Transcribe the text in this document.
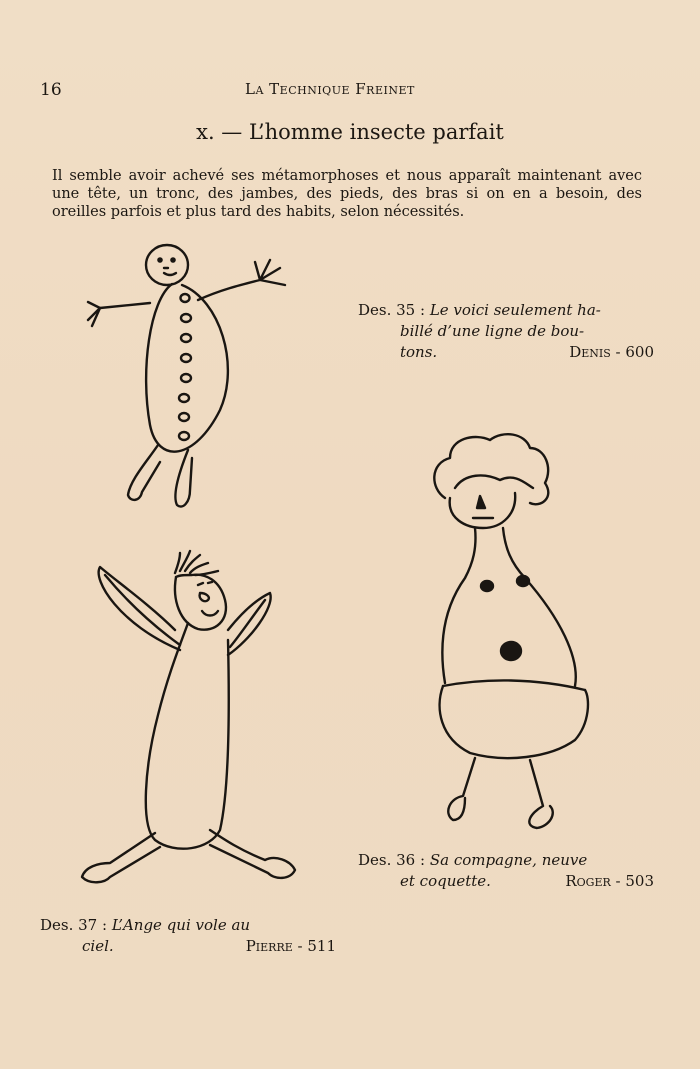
16	La Technique Freinet
x. — L’homme insecte parfait
Il semble avoir achevé ses métamorphoses et nous apparaît maintenant avec une tête, un tronc, des jambes, des pieds, des bras si on en a besoin, des oreilles parfois et plus tard des habits, selon nécessités.
Des. 35 : Le voici seulement ha-
billé d’une ligne de bou-
tons.	Denis - 600
Des. 36 : Sa compagne, neuve
et coquette.	Roger - 503
Des. 37 : L’Ange qui vole au
ciel.	Pierre - 511
